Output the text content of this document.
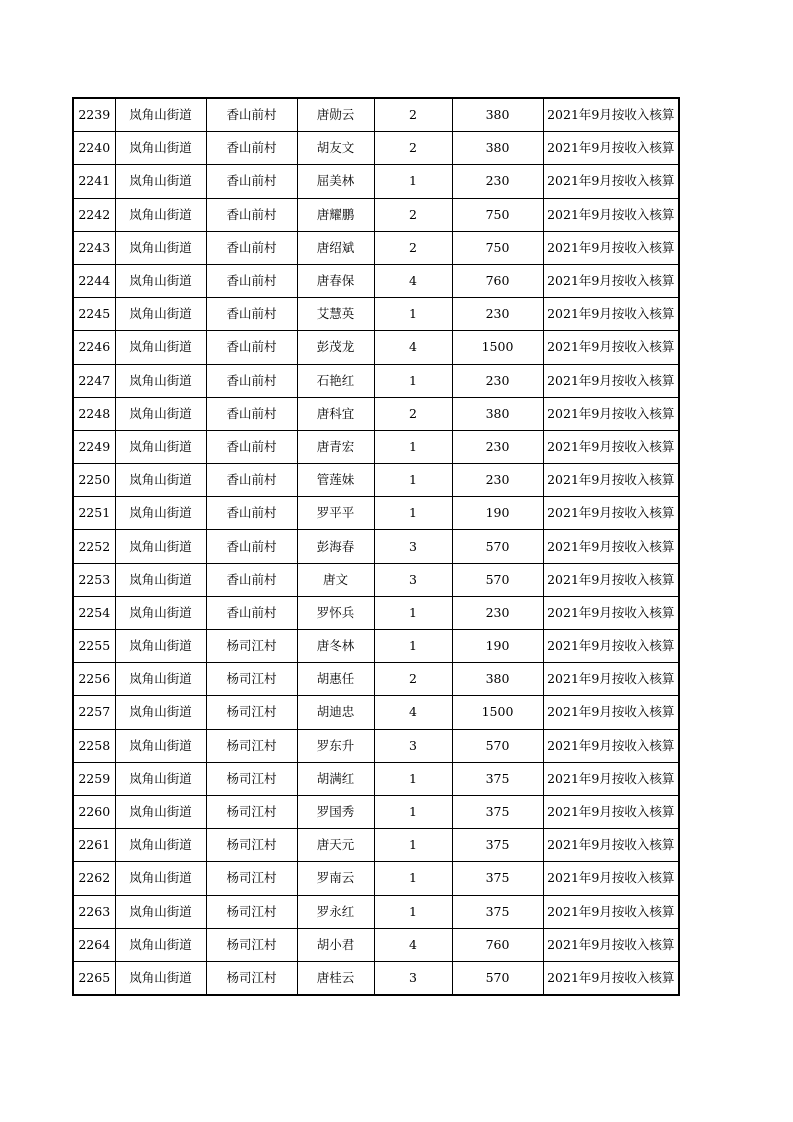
2239	岚角山街道	香山前村	唐勋云	2	380	2021年9月按收入核算
2240	岚角山街道	香山前村	胡友文	2	380	2021年9月按收入核算
2241	岚角山街道	香山前村	屈美林	1	230	2021年9月按收入核算
2242	岚角山街道	香山前村	唐耀鹏	2	750	2021年9月按收入核算
2243	岚角山街道	香山前村	唐绍斌	2	750	2021年9月按收入核算
2244	岚角山街道	香山前村	唐春保	4	760	2021年9月按收入核算
2245	岚角山街道	香山前村	艾慧英	1	230	2021年9月按收入核算
2246	岚角山街道	香山前村	彭茂龙	4	1500	2021年9月按收入核算
2247	岚角山街道	香山前村	石艳红	1	230	2021年9月按收入核算
2248	岚角山街道	香山前村	唐科宜	2	380	2021年9月按收入核算
2249	岚角山街道	香山前村	唐青宏	1	230	2021年9月按收入核算
2250	岚角山街道	香山前村	管莲妹	1	230	2021年9月按收入核算
2251	岚角山街道	香山前村	罗平平	1	190	2021年9月按收入核算
2252	岚角山街道	香山前村	彭海春	3	570	2021年9月按收入核算
2253	岚角山街道	香山前村	唐文	3	570	2021年9月按收入核算
2254	岚角山街道	香山前村	罗怀兵	1	230	2021年9月按收入核算
2255	岚角山街道	杨司江村	唐冬林	1	190	2021年9月按收入核算
2256	岚角山街道	杨司江村	胡惠任	2	380	2021年9月按收入核算
2257	岚角山街道	杨司江村	胡迪忠	4	1500	2021年9月按收入核算
2258	岚角山街道	杨司江村	罗东升	3	570	2021年9月按收入核算
2259	岚角山街道	杨司江村	胡满红	1	375	2021年9月按收入核算
2260	岚角山街道	杨司江村	罗国秀	1	375	2021年9月按收入核算
2261	岚角山街道	杨司江村	唐天元	1	375	2021年9月按收入核算
2262	岚角山街道	杨司江村	罗南云	1	375	2021年9月按收入核算
2263	岚角山街道	杨司江村	罗永红	1	375	2021年9月按收入核算
2264	岚角山街道	杨司江村	胡小君	4	760	2021年9月按收入核算
2265	岚角山街道	杨司江村	唐桂云	3	570	2021年9月按收入核算
